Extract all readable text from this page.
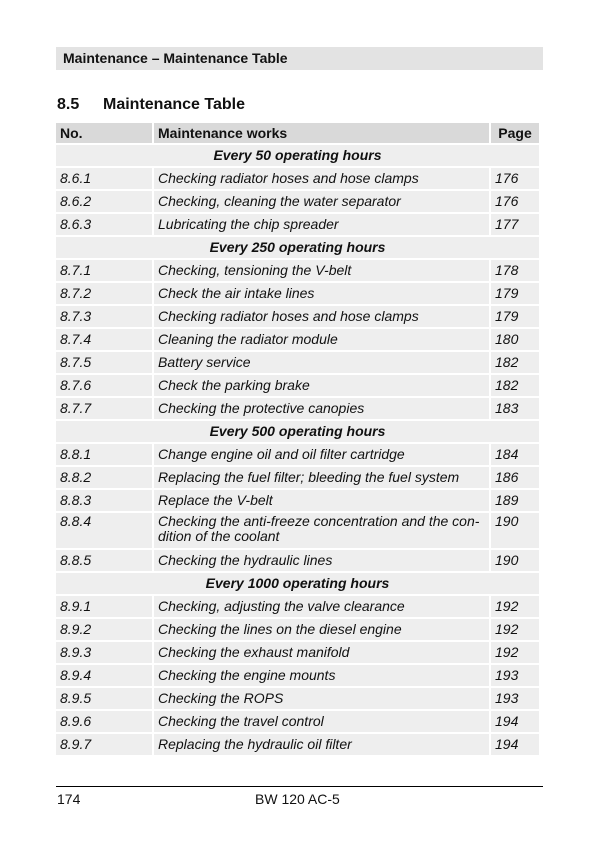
Maintenance – Maintenance Table
8.5 Maintenance Table
No.	Maintenance works	Page
Every 50 operating hours		
8.6.1	Checking radiator hoses and hose clamps	176
8.6.2	Checking, cleaning the water separator	176
8.6.3	Lubricating the chip spreader	177
Every 250 operating hours		
8.7.1	Checking, tensioning the V-belt	178
8.7.2	Check the air intake lines	179
8.7.3	Checking radiator hoses and hose clamps	179
8.7.4	Cleaning the radiator module	180
8.7.5	Battery service	182
8.7.6	Check the parking brake	182
8.7.7	Checking the protective canopies	183
Every 500 operating hours		
8.8.1	Change engine oil and oil filter cartridge	184
8.8.2	Replacing the fuel filter; bleeding the fuel system	186
8.8.3	Replace the V-belt	189
8.8.4	Checking the anti-freeze concentration and the con-dition of the coolant	190
8.8.5	Checking the hydraulic lines	190
Every 1000 operating hours		
8.9.1	Checking, adjusting the valve clearance	192
8.9.2	Checking the lines on the diesel engine	192
8.9.3	Checking the exhaust manifold	192
8.9.4	Checking the engine mounts	193
8.9.5	Checking the ROPS	193
8.9.6	Checking the travel control	194
8.9.7	Replacing the hydraulic oil filter	194
174	BW 120 AC-5
